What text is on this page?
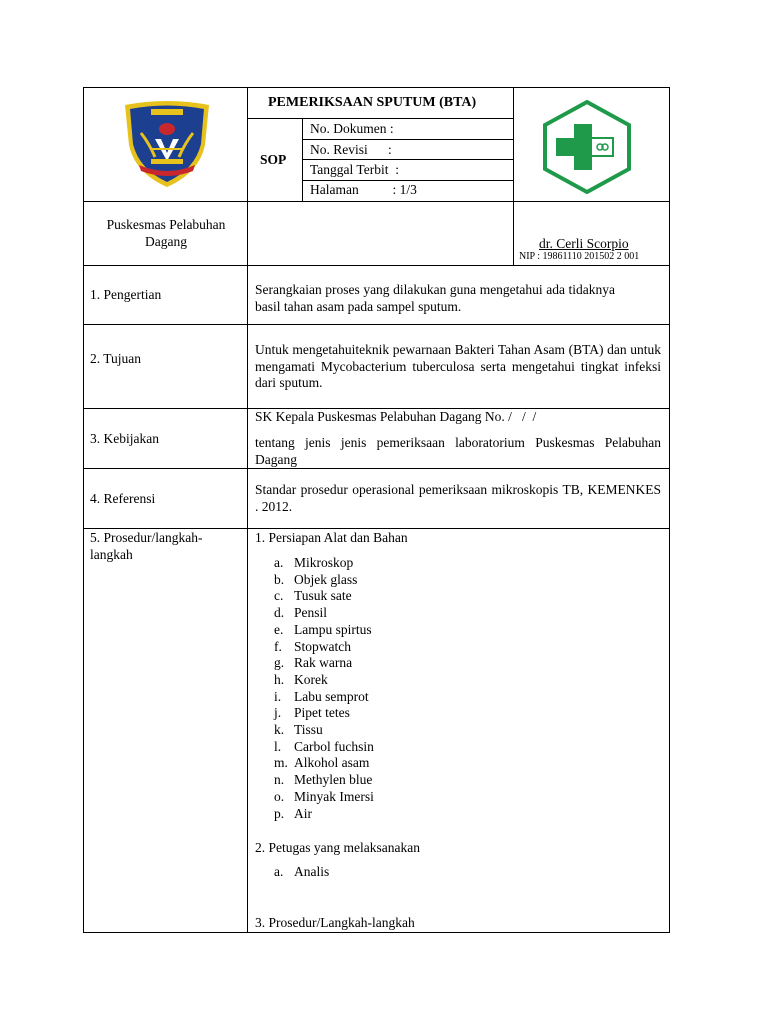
PEMERIKSAAN SPUTUM (BTA)
SOP
No. Dokumen :
No. Revisi      :
Tanggal Terbit  :
Halaman          : 1/3
Puskesmas Pelabuhan Dagang	dr. Cerli Scorpio
NIP : 19861110 201502 2 001
1. Pengertian	Serangkaian proses yang dilakukan guna mengetahui ada tidaknya basil tahan asam pada sampel sputum.
2. Tujuan
Untuk mengetahuiteknik pewarnaan Bakteri Tahan Asam (BTA) dan untuk mengamati Mycobacterium tuberculosa serta mengetahui tingkat infeksi dari sputum.
3. Kebijakan
SK Kepala Puskesmas Pelabuhan Dagang No. /   /  /
tentang jenis jenis pemeriksaan laboratorium Puskesmas Pelabuhan Dagang
4. Referensi
Standar prosedur operasional pemeriksaan mikroskopis TB, KEMENKES . 2012.
5. Prosedur/langkah-langkah
1. Persiapan Alat dan Bahan
a. Mikroskop
b. Objek glass
c. Tusuk sate
d. Pensil
e. Lampu spirtus
f. Stopwatch
g. Rak warna
h. Korek
i. Labu semprot
j. Pipet tetes
k. Tissu
l. Carbol fuchsin
m. Alkohol asam
n. Methylen blue
o. Minyak Imersi
p. Air
2. Petugas yang melaksanakan
a. Analis
3. Prosedur/Langkah-langkah
